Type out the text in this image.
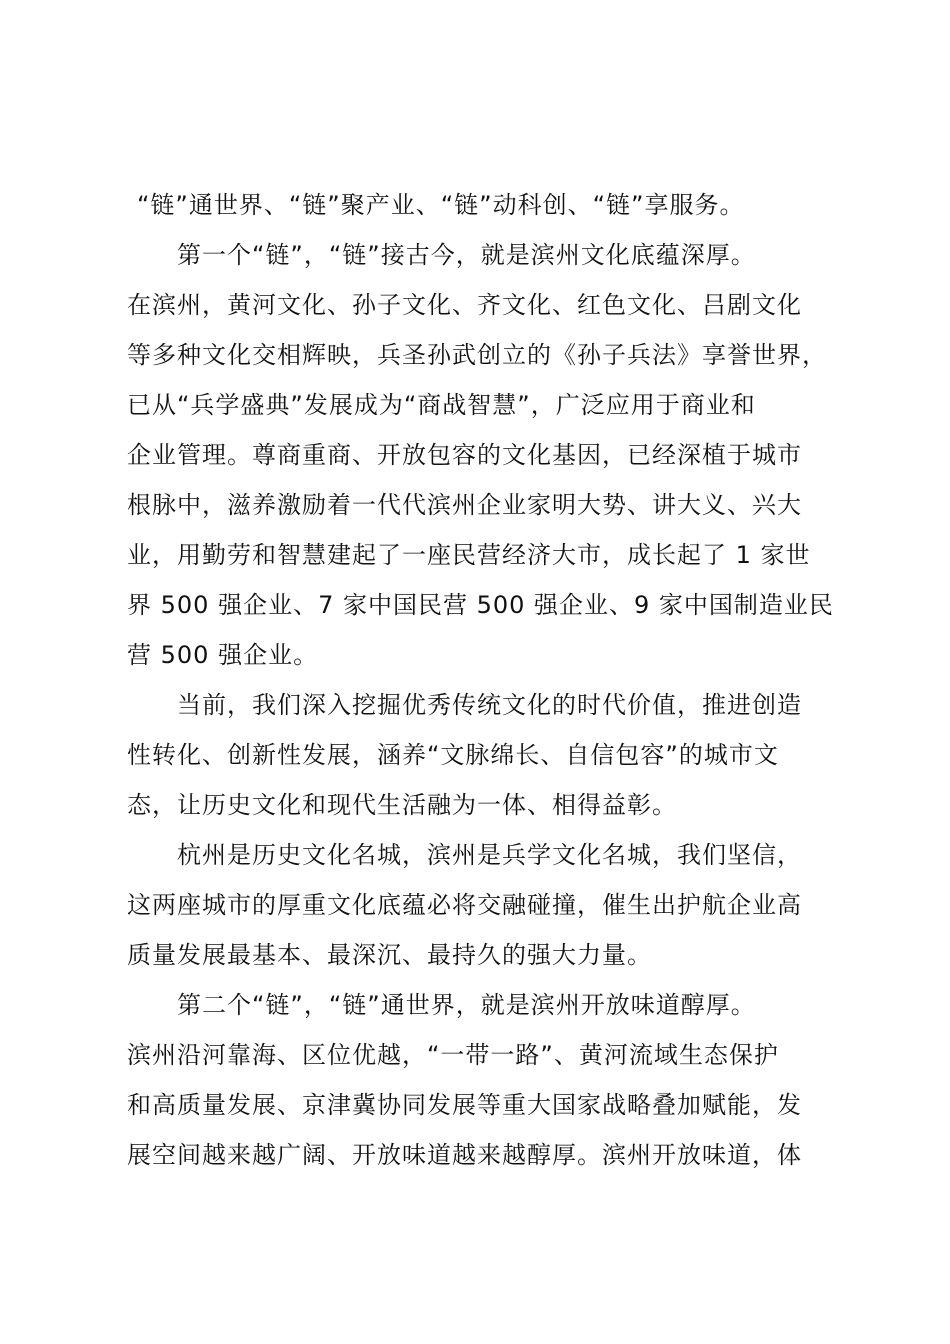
“链”通世界、“链”聚产业、“链”动科创、“链”享服务。
第一个“链”，“链”接古今，就是滨州文化底蕴深厚。
在滨州，黄河文化、孙子文化、齐文化、红色文化、吕剧文化
等多种文化交相辉映，兵圣孙武创立的《孙子兵法》享誉世界，
已从“兵学盛典”发展成为“商战智慧”，广泛应用于商业和
企业管理。尊商重商、开放包容的文化基因，已经深植于城市
根脉中，滋养激励着一代代滨州企业家明大势、讲大义、兴大
业，用勤劳和智慧建起了一座民营经济大市，成长起了 1 家世
界 500 强企业、7 家中国民营 500 强企业、9 家中国制造业民
营 500 强企业。
当前，我们深入挖掘优秀传统文化的时代价值，推进创造
性转化、创新性发展，涵养“文脉绵长、自信包容”的城市文
态，让历史文化和现代生活融为一体、相得益彰。
杭州是历史文化名城，滨州是兵学文化名城，我们坚信，
这两座城市的厚重文化底蕴必将交融碰撞，催生出护航企业高
质量发展最基本、最深沉、最持久的强大力量。
第二个“链”，“链”通世界，就是滨州开放味道醇厚。
滨州沿河靠海、区位优越，“一带一路”、黄河流域生态保护
和高质量发展、京津冀协同发展等重大国家战略叠加赋能，发
展空间越来越广阔、开放味道越来越醇厚。滨州开放味道，体
